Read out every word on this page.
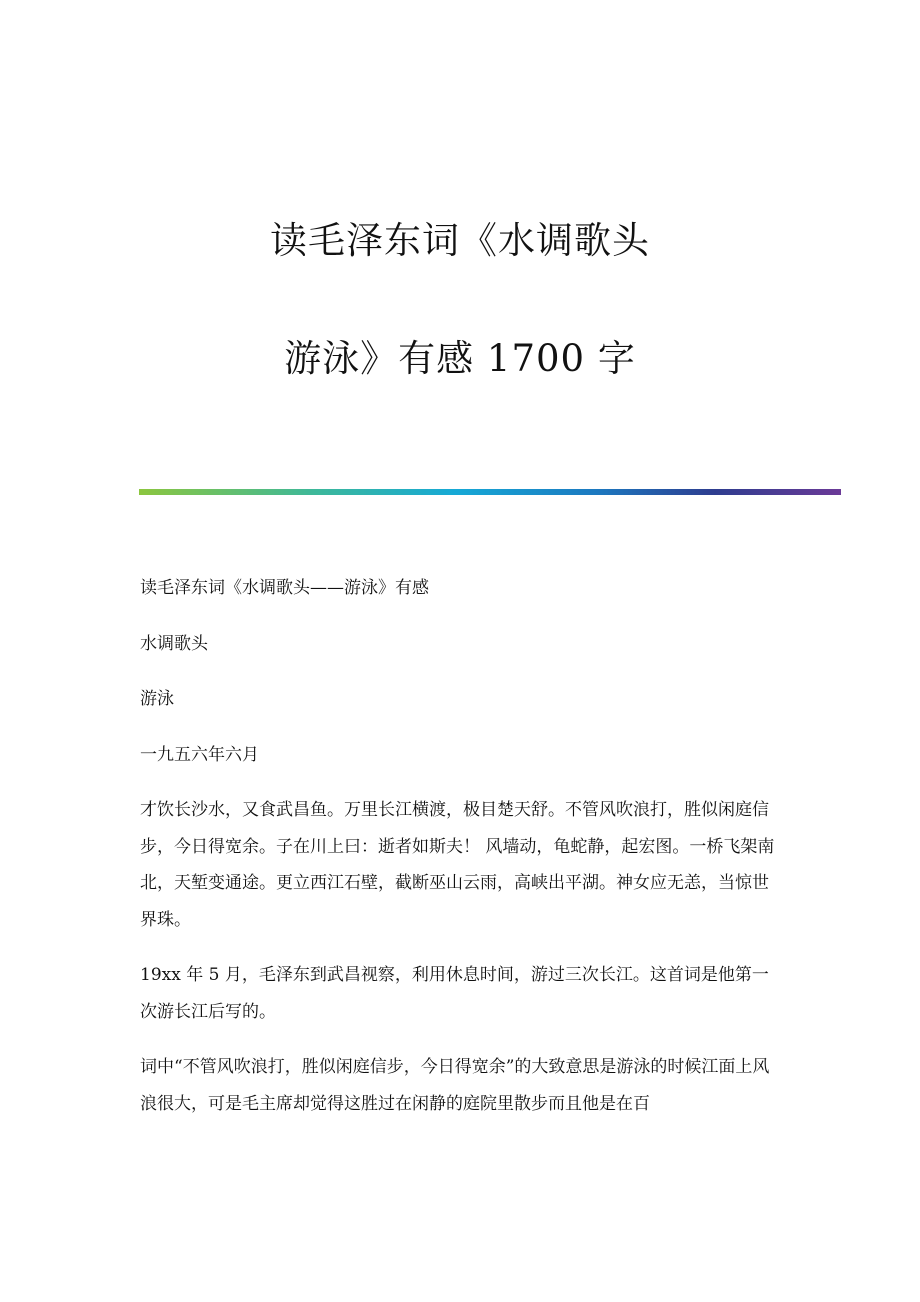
读毛泽东词《水调歌头
游泳》有感 1700 字

读毛泽东词《水调歌头——游泳》有感

水调歌头

游泳

一九五六年六月

才饮长沙水，又食武昌鱼。万里长江横渡，极目楚天舒。不管风吹浪打，胜似闲庭信步，今日得宽余。子在川上曰：逝者如斯夫！ 风墙动，龟蛇静，起宏图。一桥飞架南北，天堑变通途。更立西江石壁，截断巫山云雨，高峡出平湖。神女应无恙，当惊世界珠。

19xx 年 5 月，毛泽东到武昌视察，利用休息时间，游过三次长江。这首词是他第一次游长江后写的。

词中“不管风吹浪打，胜似闲庭信步，今日得宽余”的大致意思是游泳的时候江面上风浪很大，可是毛主席却觉得这胜过在闲静的庭院里散步而且他是在百
